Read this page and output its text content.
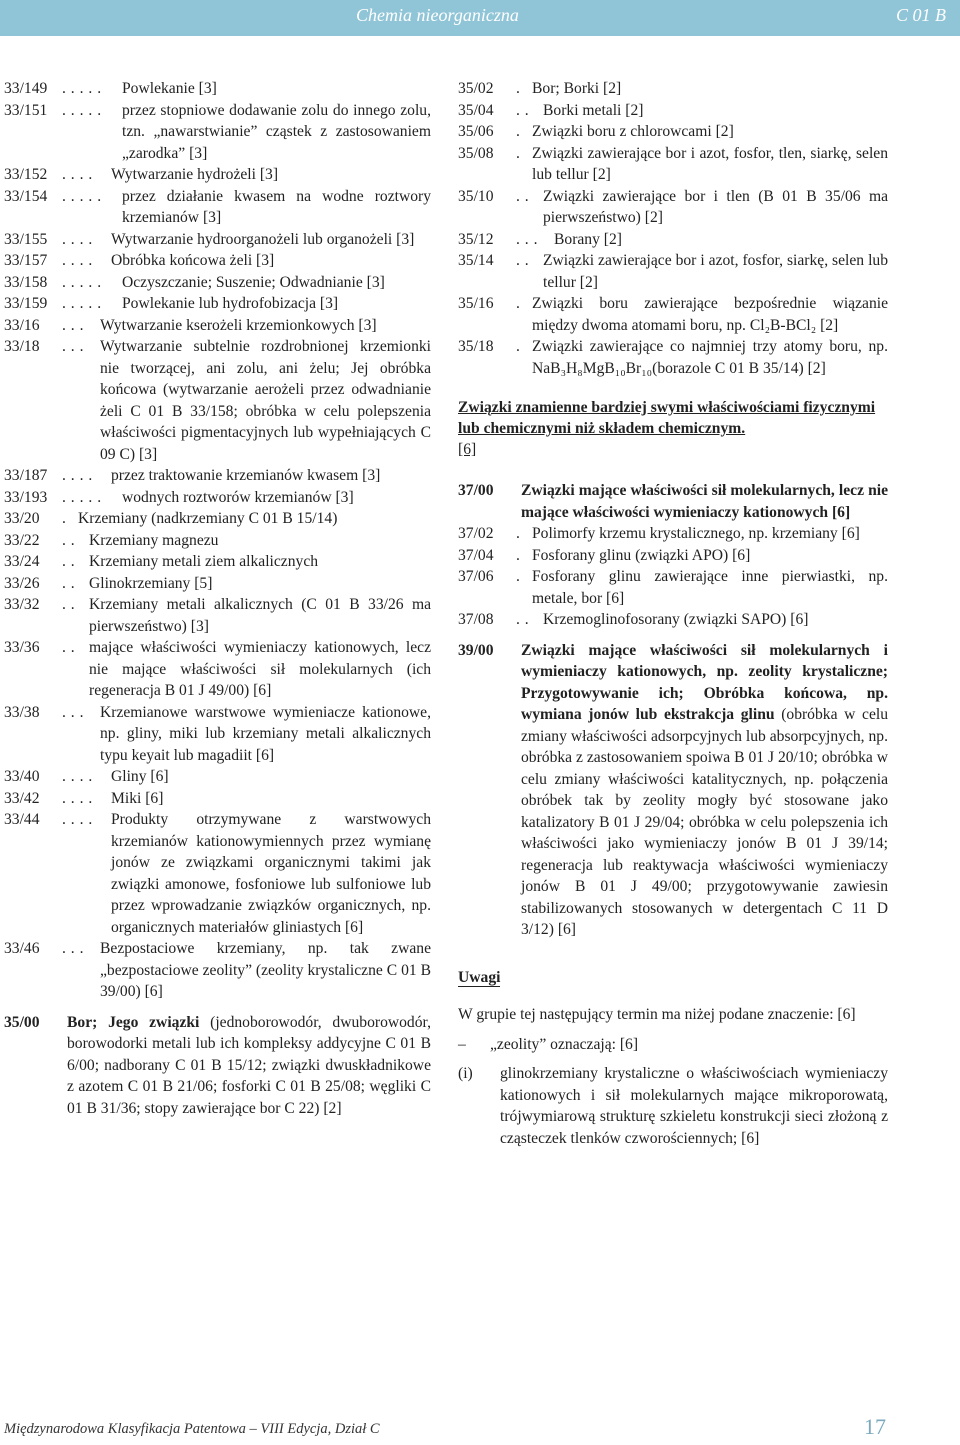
Chemia nieorganiczna	C 01 B
33/149 . . . . . Powlekanie [3]
33/151 . . . . . przez stopniowe dodawanie zolu do innego zolu, tzn. „nawarstwianie” cząstek z zastosowaniem „zarodka” [3]
33/152 . . . . Wytwarzanie hydrożeli [3]
33/154 . . . . . przez działanie kwasem na wodne roztwory krzemianów [3]
33/155 . . . . Wytwarzanie hydroorganożeli lub organożeli [3]
33/157 . . . . Obróbka końcowa żeli [3]
33/158 . . . . . Oczyszczanie; Suszenie; Odwadnianie [3]
33/159 . . . . . Powlekanie lub hydrofobizacja [3]
33/16 . . . Wytwarzanie kserożeli krzemionkowych [3]
33/18 . . . Wytwarzanie subtelnie rozdrobnionej krzemionki nie tworzącej, ani zolu, ani żelu; Jej obróbka końcowa (wytwarzanie aerożeli przez odwadnianie żeli C 01 B 33/158; obróbka w celu polepszenia właściwości pigmentacyjnych lub wypełniających C 09 C) [3]
33/187 . . . . przez traktowanie krzemianów kwasem [3]
33/193 . . . . . wodnych roztworów krzemianów [3]
33/20 . Krzemiany (nadkrzemiany C 01 B 15/14)
33/22 . . Krzemiany magnezu
33/24 . . Krzemiany metali ziem alkalicznych
33/26 . . Glinokrzemiany [5]
33/32 . . Krzemiany metali alkalicznych (C 01 B 33/26 ma pierwszeństwo) [3]
33/36 . . mające właściwości wymieniaczy kationowych, lecz nie mające właściwości sił molekularnych (ich regeneracja B 01 J 49/00) [6]
33/38 . . . Krzemianowe warstwowe wymieniacze kationowe, np. gliny, miki lub krzemiany metali alkalicznych typu keyait lub magadiit [6]
33/40 . . . . Gliny [6]
33/42 . . . . Miki [6]
33/44 . . . . Produkty otrzymywane z warstwowych krzemianów kationowymiennych przez wymianę jonów ze związkami organicznymi takimi jak związki amonowe, fosfoniowe lub sulfoniowe lub przez wprowadzanie związków organicznych, np. organicznych materiałów gliniastych [6]
33/46 . . . Bezpostaciowe krzemiany, np. tak zwane „bezpostaciowe zeolity” (zeolity krystaliczne C 01 B 39/00) [6]
35/00 Bor; Jego związki (jednoborowodór, dwuborowodór, borowodorki metali lub ich kompleksy addycyjne C 01 B 6/00; nadborany C 01 B 15/12; związki dwuskładnikowe z azotem C 01 B 21/06; fosforki C 01 B 25/08; węgliki C 01 B 31/36; stopy zawierające bor C 22) [2]
35/02 . Bor; Borki [2]
35/04 . . Borki metali [2]
35/06 . Związki boru z chlorowcami [2]
35/08 . Związki zawierające bor i azot, fosfor, tlen, siarkę, selen lub tellur [2]
35/10 . . Związki zawierające bor i tlen (B 01 B 35/06 ma pierwszeństwo) [2]
35/12 . . . Borany [2]
35/14 . . Związki zawierające bor i azot, fosfor, siarkę, selen lub tellur [2]
35/16 . Związki boru zawierające bezpośrednie wiązanie między dwoma atomami boru, np. Cl₂B-BCl₂ [2]
35/18 . Związki zawierające co najmniej trzy atomy boru, np. NaB₃H₈MgB₁₀Br₁₀(borazole C 01 B 35/14) [2]
Związki znamienne bardziej swymi właściwościami fizycznymi lub chemicznymi niż składem chemicznym.
[6]
37/00 Związki mające właściwości sił molekularnych, lecz nie mające właściwości wymieniaczy kationowych [6]
37/02 . Polimorfy krzemu krystalicznego, np. krzemiany [6]
37/04 . Fosforany glinu (związki APO) [6]
37/06 . Fosforany glinu zawierające inne pierwiastki, np. metale, bor [6]
37/08 . . Krzemoglinofosorany (związki SAPO) [6]
39/00 Związki mające właściwości sił molekularnych i wymieniaczy kationowych, np. zeolity krystaliczne; Przygotowywanie ich; Obróbka końcowa, np. wymiana jonów lub ekstrakcja glinu (obróbka w celu zmiany właściwości adsorpcyjnych lub absorpcyjnych, np. obróbka z zastosowaniem spoiwa B 01 J 20/10; obróbka w celu zmiany właściwości katalitycznych, np. połączenia obróbek tak by zeolity mogły być stosowane jako katalizatory B 01 J 29/04; obróbka w celu polepszenia ich właściwości jako wymieniaczy jonów B 01 J 39/14; regeneracja lub reaktywacja właściwości wymieniaczy jonów B 01 J 49/00; przygotowywanie zawiesin stabilizowanych stosowanych w detergentach C 11 D 3/12) [6]
Uwagi
W grupie tej następujący termin ma niżej podane znaczenie: [6]
– „zeolity” oznaczają: [6]
(i) glinokrzemiany krystaliczne o właściwościach wymieniaczy kationowych i sił molekularnych mające mikroporowatą, trójwymiarową strukturę szkieletu konstrukcji sieci złożoną z cząsteczek tlenków czworościennych; [6]
Międzynarodowa Klasyfikacja Patentowa – VIII Edycja, Dział C	17
